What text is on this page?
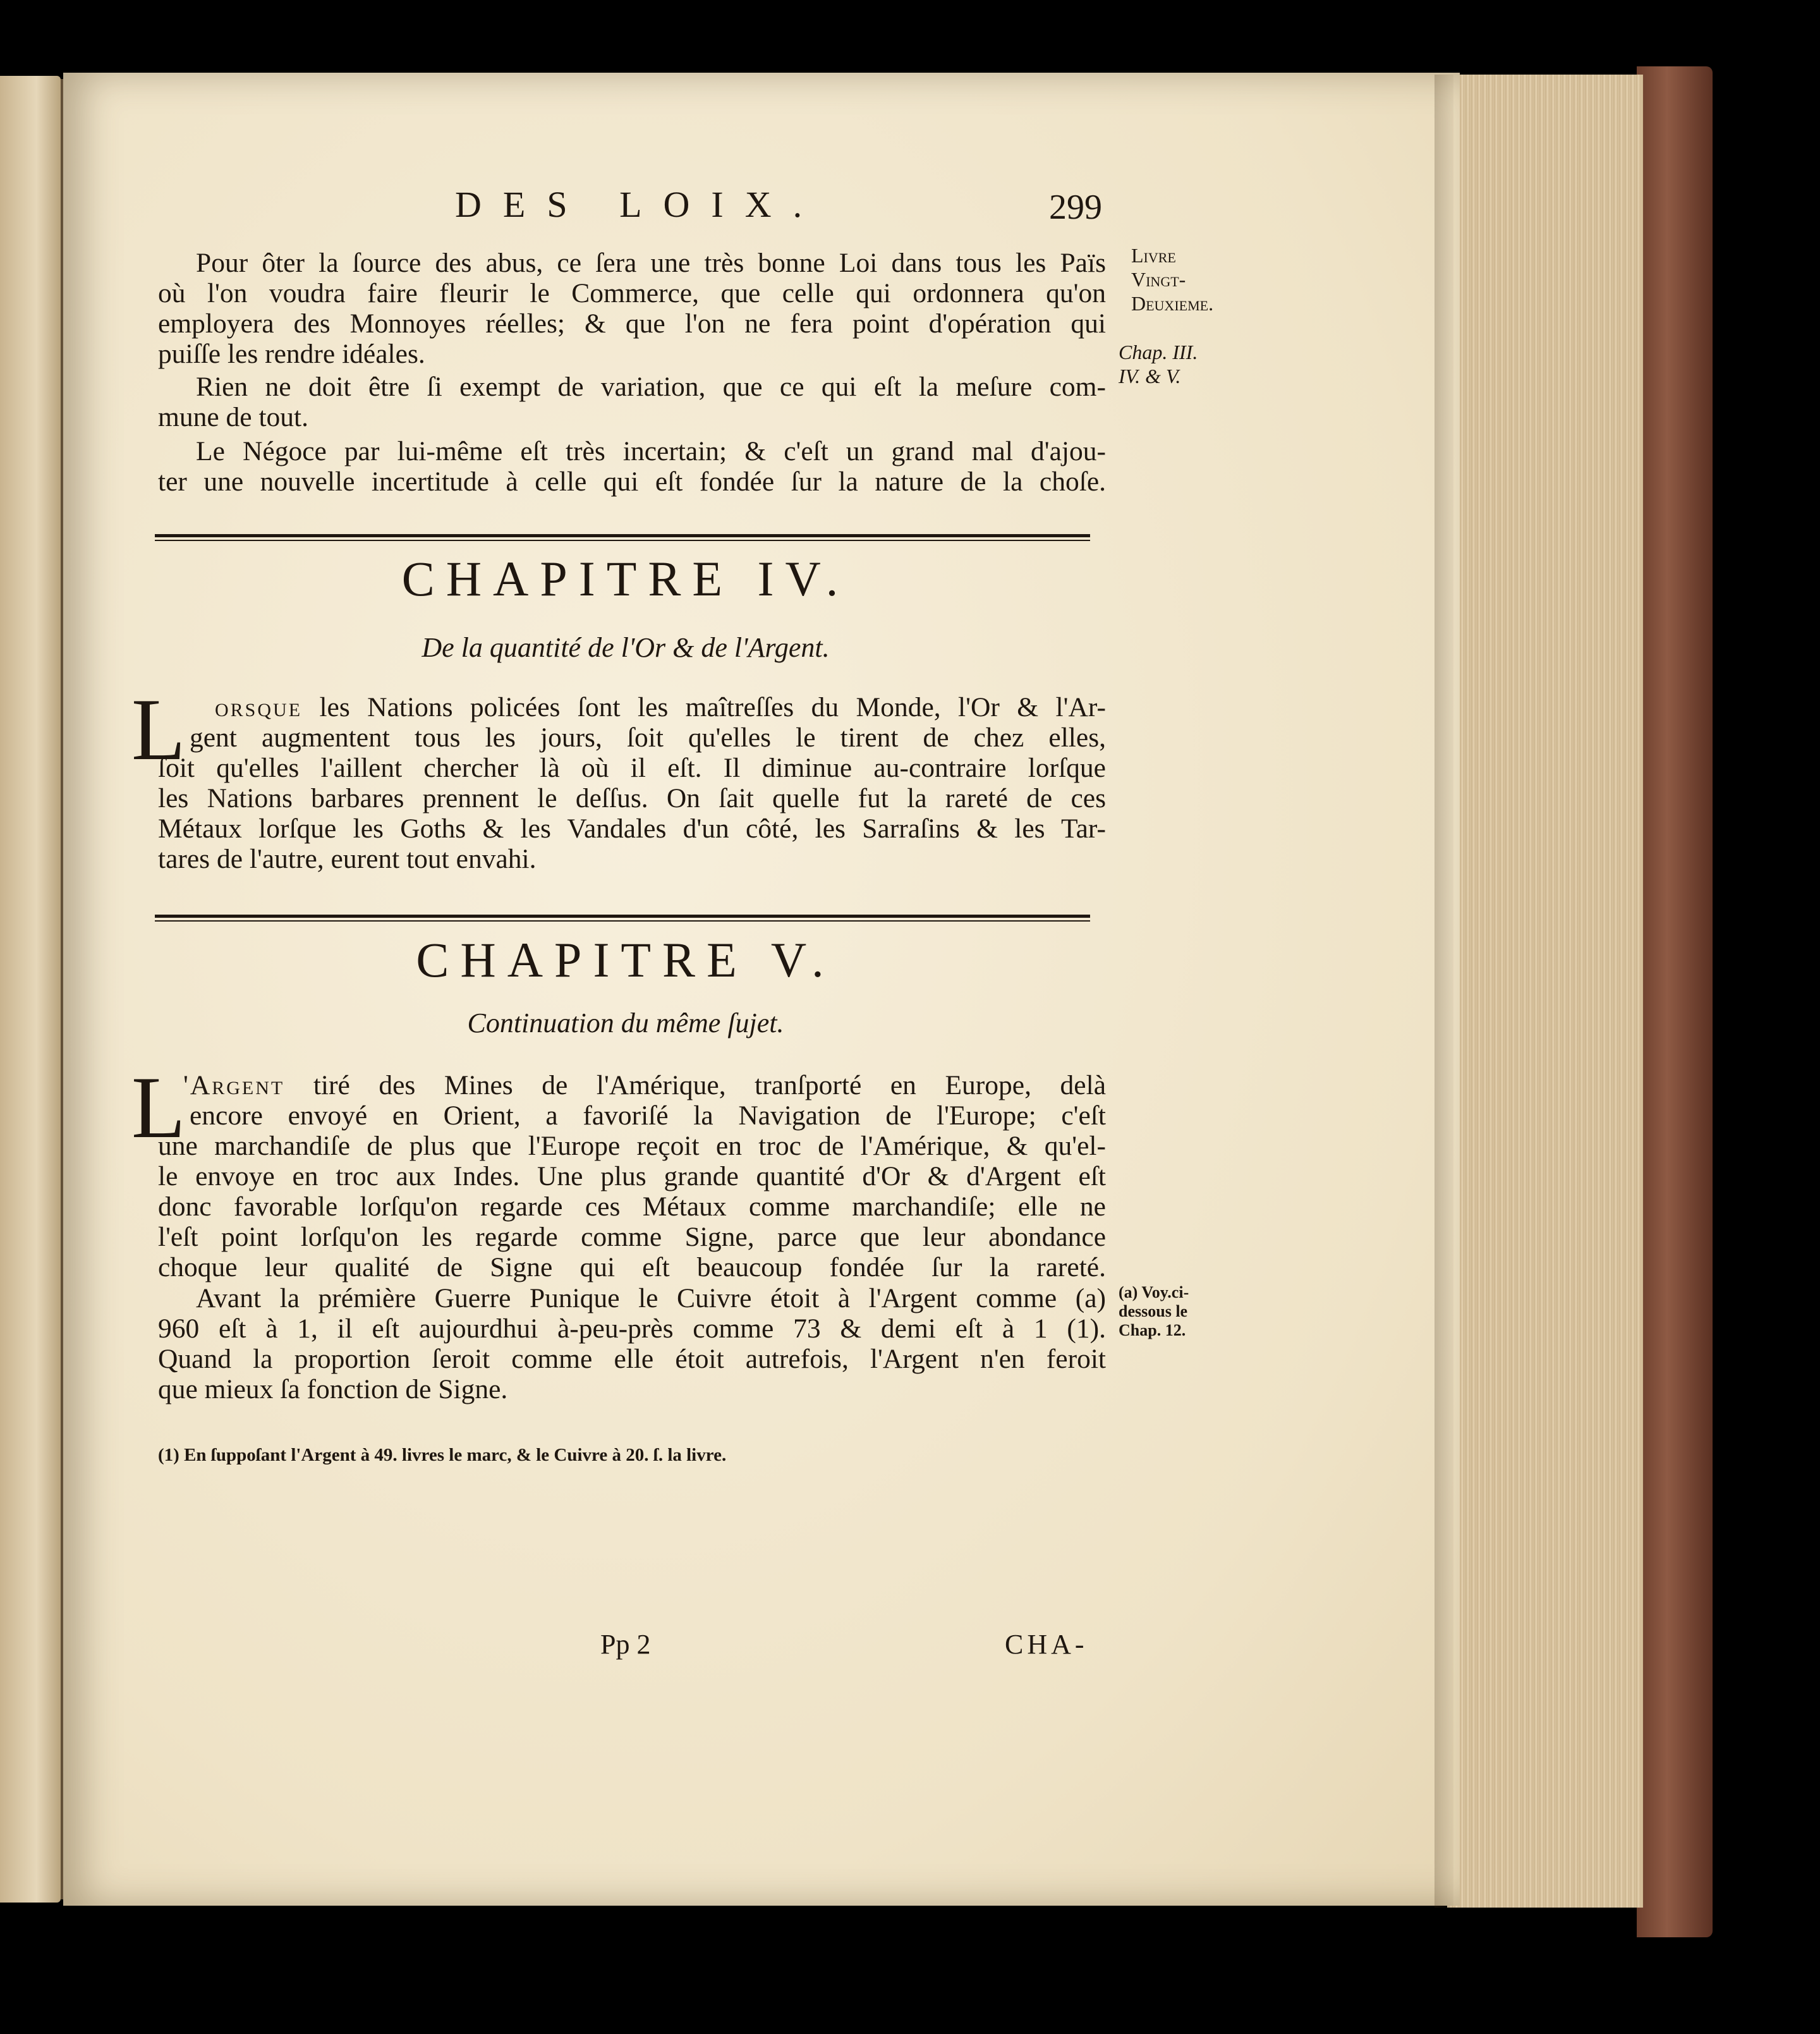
DES LOIX.	299
Pour ôter la ſource des abus, ce ſera une très bonne Loi dans tous les Païs
où l'on voudra faire fleurir le Commerce, que celle qui ordonnera qu'on
employera des Monnoyes réelles; & que l'on ne fera point d'opération qui
puiſſe les rendre idéales.
Rien ne doit être ſi exempt de variation, que ce qui eſt la meſure com-
mune de tout.
Le Négoce par lui-même eſt très incertain; & c'eſt un grand mal d'ajou-
ter une nouvelle incertitude à celle qui eſt fondée ſur la nature de la choſe.
CHAPITRE IV.
De la quantité de l'Or & de l'Argent.
L orsque les Nations policées ſont les maîtreſſes du Monde, l'Or & l'Ar-
gent augmentent tous les jours, ſoit qu'elles le tirent de chez elles,
ſoit qu'elles l'aillent chercher là où il eſt. Il diminue au-contraire lorſque
les Nations barbares prennent le deſſus. On ſait quelle fut la rareté de ces
Métaux lorſque les Goths & les Vandales d'un côté, les Sarraſins & les Tar-
tares de l'autre, eurent tout envahi.
CHAPITRE V.
Continuation du même ſujet.
L
'Argent tiré des Mines de l'Amérique, tranſporté en Europe, delà
encore envoyé en Orient, a favoriſé la Navigation de l'Europe; c'eſt
une marchandiſe de plus que l'Europe reçoit en troc de l'Amérique, & qu'el-
le envoye en troc aux Indes. Une plus grande quantité d'Or & d'Argent eſt
donc favorable lorſqu'on regarde ces Métaux comme marchandiſe; elle ne
l'eſt point lorſqu'on les regarde comme Signe, parce que leur abondance
choque leur qualité de Signe qui eſt beaucoup fondée ſur la rareté.
Avant la prémière Guerre Punique le Cuivre étoit à l'Argent comme (a)
960 eſt à 1, il eſt aujourdhui à-peu-près comme 73 & demi eſt à 1 (1).
Quand la proportion ſeroit comme elle étoit autrefois, l'Argent n'en feroit
que mieux ſa fonction de Signe.
Livre
Vingt-
Deuxieme.
Chap. III.
IV. & V.
(a) Voy.ci-
dessous le
Chap. 12.
(1) En ſuppoſant l'Argent à 49. livres le marc, & le Cuivre à 20. ſ. la livre.
Pp 2	CHA-
